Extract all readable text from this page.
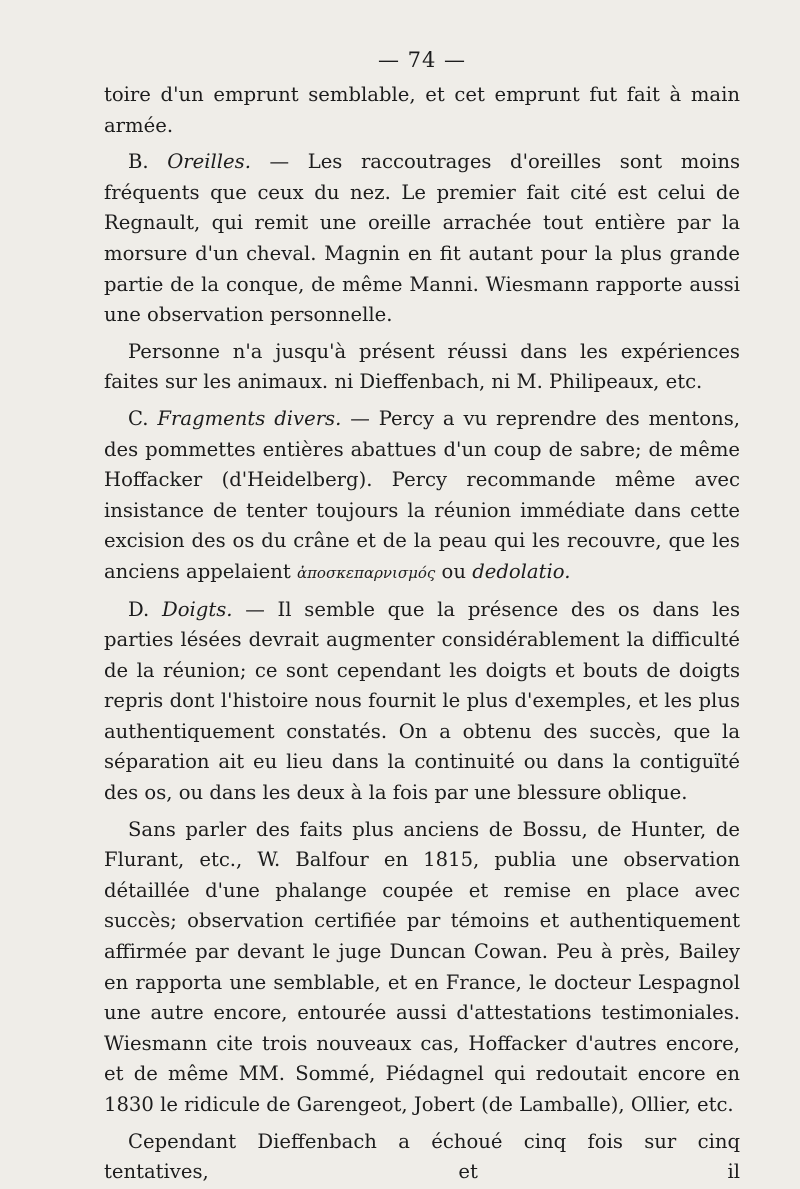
— 74 —

toire d'un emprunt semblable, et cet emprunt fut fait à main armée.

B. Oreilles. — Les raccoutrages d'oreilles sont moins fréquents que ceux du nez. Le premier fait cité est celui de Regnault, qui remit une oreille arrachée tout entière par la morsure d'un cheval. Magnin en fit autant pour la plus grande partie de la conque, de même Manni. Wiesmann rapporte aussi une observation personnelle.

Personne n'a jusqu'à présent réussi dans les expériences faites sur les animaux. ni Dieffenbach, ni M. Philipeaux, etc.

C. Fragments divers. — Percy a vu reprendre des mentons, des pommettes entières abattues d'un coup de sabre; de même Hoffacker (d'Heidelberg). Percy recommande même avec insistance de tenter toujours la réunion immédiate dans cette excision des os du crâne et de la peau qui les recouvre, que les anciens appelaient ἀποσκεπαρνισμός ou dedolatio.

D. Doigts. — Il semble que la présence des os dans les parties lésées devrait augmenter considérablement la difficulté de la réunion; ce sont cependant les doigts et bouts de doigts repris dont l'histoire nous fournit le plus d'exemples, et les plus authentiquement constatés. On a obtenu des succès, que la séparation ait eu lieu dans la continuité ou dans la contiguïté des os, ou dans les deux à la fois par une blessure oblique.

Sans parler des faits plus anciens de Bossu, de Hunter, de Flurant, etc., W. Balfour en 1815, publia une observation détaillée d'une phalange coupée et remise en place avec succès; observation certifiée par témoins et authentiquement affirmée par devant le juge Duncan Cowan. Peu à près, Bailey en rapporta une semblable, et en France, le docteur Lespagnol une autre encore, entourée aussi d'attestations testimoniales. Wiesmann cite trois nouveaux cas, Hoffacker d'autres encore, et de même MM. Sommé, Piédagnel qui redoutait encore en 1830 le ridicule de Garengeot, Jobert (de Lamballe), Ollier, etc.

Cependant Dieffenbach a échoué cinq fois sur cinq tentatives, et il
